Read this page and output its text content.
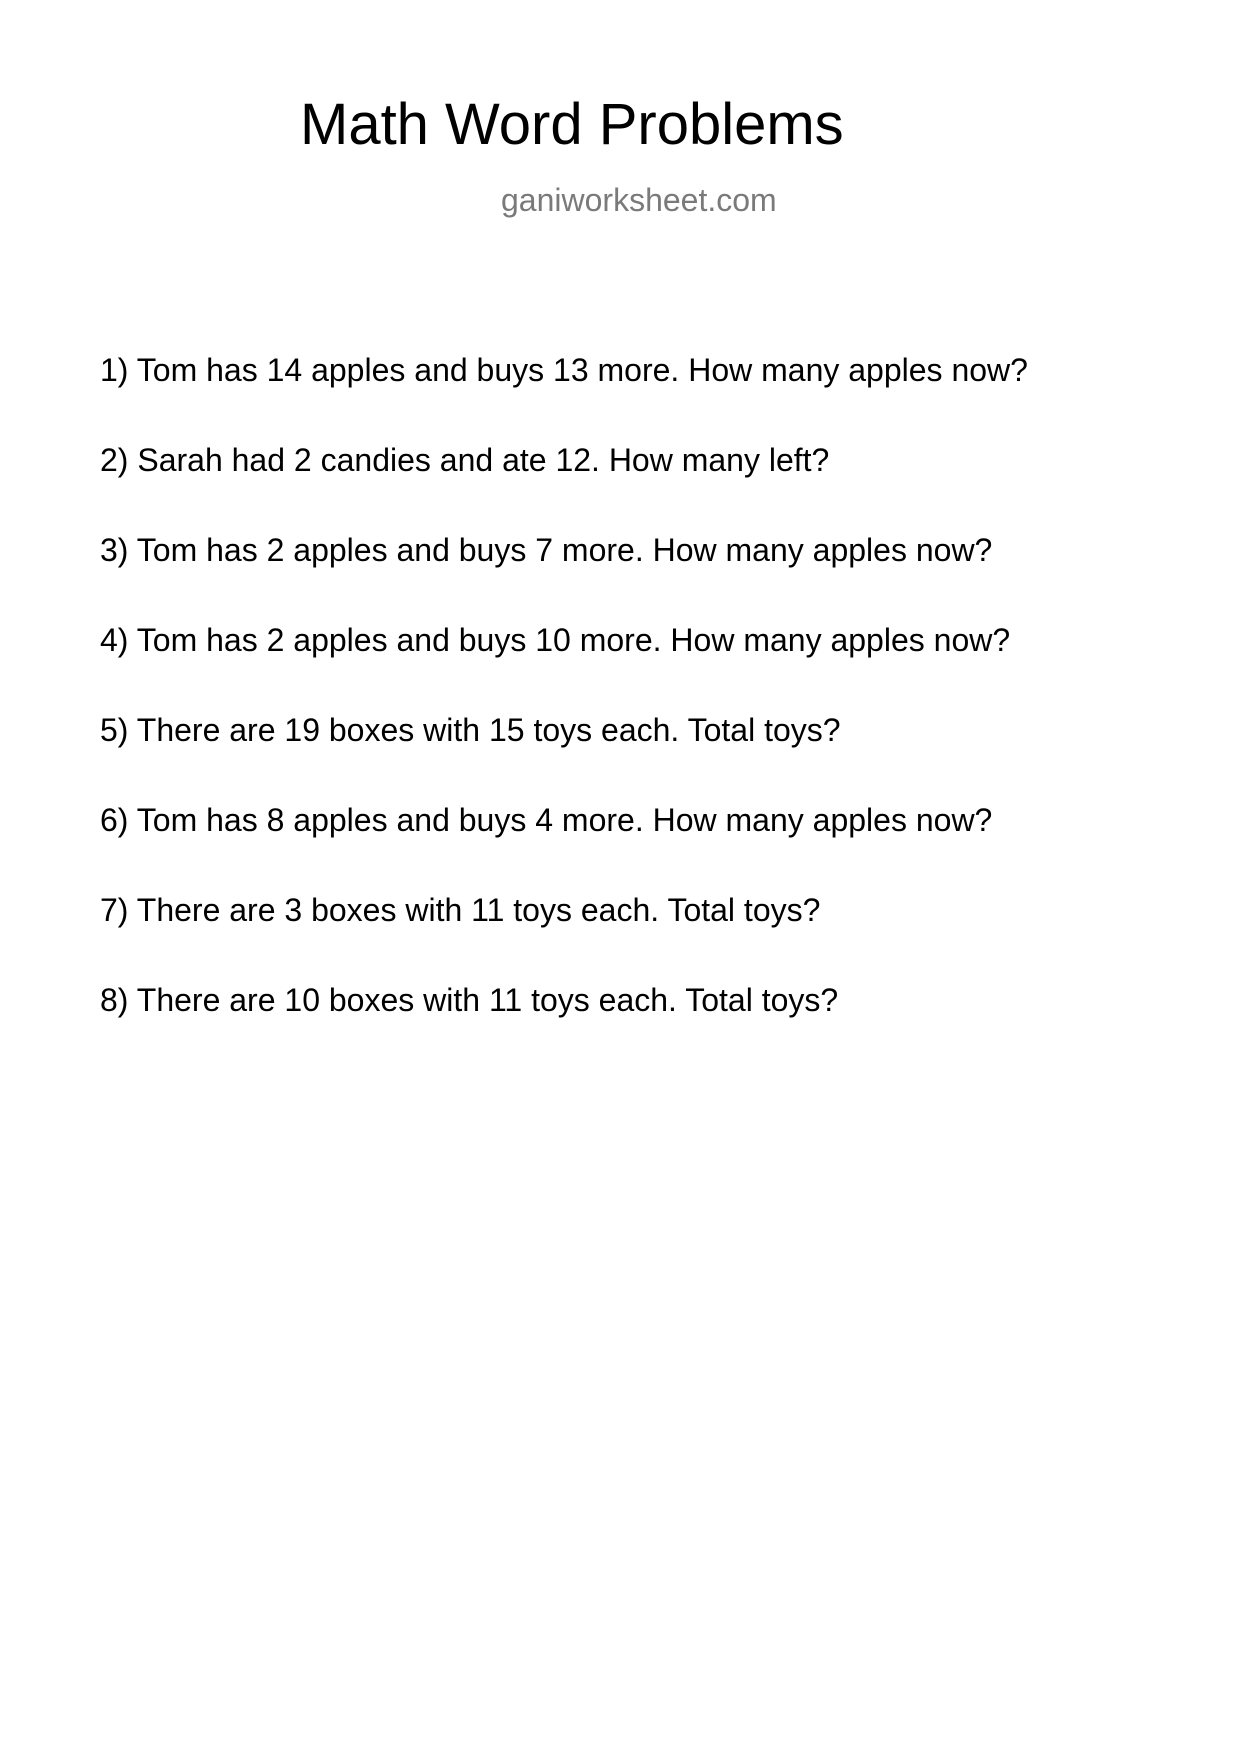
Math Word Problems
ganiworksheet.com
1) Tom has 14 apples and buys 13 more. How many apples now?
2) Sarah had 2 candies and ate 12. How many left?
3) Tom has 2 apples and buys 7 more. How many apples now?
4) Tom has 2 apples and buys 10 more. How many apples now?
5) There are 19 boxes with 15 toys each. Total toys?
6) Tom has 8 apples and buys 4 more. How many apples now?
7) There are 3 boxes with 11 toys each. Total toys?
8) There are 10 boxes with 11 toys each. Total toys?
